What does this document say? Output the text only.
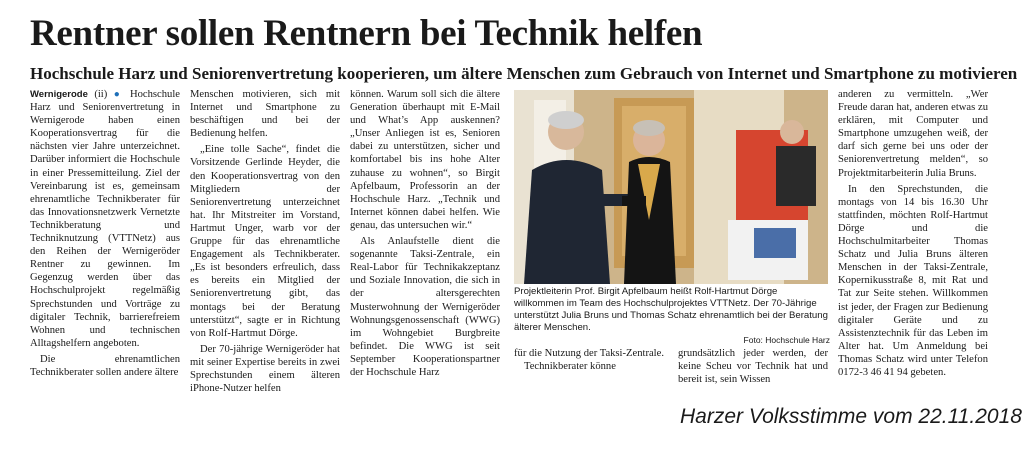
Rentner sollen Rentnern bei Technik helfen
Hochschule Harz und Seniorenvertretung kooperieren, um ältere Menschen zum Gebrauch von Internet und Smartphone zu motivieren

Wernigerode (ii) ● Hochschule Harz und Seniorenvertretung in Wernigerode haben einen Kooperationsvertrag für die nächsten vier Jahre unterzeichnet. Darüber informiert die Hochschule in einer Pressemitteilung. Ziel der Vereinbarung ist es, gemeinsam ehrenamtliche Technikberater für das Innovationsnetzwerk Vernetzte Technikberatung und Techniknutzung (VTTNetz) aus den Reihen der Wernigeröder Rentner zu gewinnen. Im Gegenzug werden über das Hochschulprojekt regelmäßig Sprechstunden und Vorträge zu digitaler Technik, barrierefreiem Wohnen und technischen Alltagshelfern angeboten.

Die ehrenamtlichen Technikberater sollen andere ältere

Menschen motivieren, sich mit Internet und Smartphone zu beschäftigen und bei der Bedienung helfen.

„Eine tolle Sache“, findet die Vorsitzende Gerlinde Heyder, die den Kooperationsvertrag von den Mitgliedern der Seniorenvertretung unterzeichnet hat. Ihr Mitstreiter im Vorstand, Hartmut Unger, warb vor der Gruppe für das ehrenamtliche Engagement als Technikberater. „Es ist besonders erfreulich, dass es bereits ein Mitglied der Seniorenvertretung gibt, das montags bei der Beratung unterstützt“, sagte er in Richtung von Rolf-Hartmut Dörge.

Der 70-jährige Wernigeröder hat mit seiner Expertise bereits in zwei Sprechstunden einem älteren iPhone-Nutzer helfen

können. Warum soll sich die ältere Generation überhaupt mit E-Mail und What’s App auskennen? „Unser Anliegen ist es, Senioren dabei zu unterstützen, sicher und komfortabel bis ins hohe Alter zuhause zu wohnen“, so Birgit Apfelbaum, Professorin an der Hochschule Harz. „Technik und Internet können dabei helfen. Wie genau, das untersuchen wir.“

Als Anlaufstelle dient die sogenannte Taksi-Zentrale, ein Real-Labor für Technikakzeptanz und Soziale Innovation, die sich in der altersgerechten Musterwohnung der Wernigeröder Wohnungsgenossenschaft (WWG) im Wohngebiet Burgbreite befindet. Die WWG ist seit September Kooperationspartner der Hochschule Harz

Projektleiterin Prof. Birgit Apfelbaum heißt Rolf-Hartmut Dörge willkommen im Team des Hochschulprojektes VTTNetz. Der 70-Jährige unterstützt Julia Bruns und Thomas Schatz ehrenamtlich bei der Beratung älterer Menschen.

Foto: Hochschule Harz

für die Nutzung der Taksi-Zentrale.

Technikberater könne

grundsätzlich jeder werden, der keine Scheu vor Technik hat und bereit ist, sein Wissen

anderen zu vermitteln. „Wer Freude daran hat, anderen etwas zu erklären, mit Computer und Smartphone umzugehen weiß, der darf sich gerne bei uns oder der Seniorenvertretung melden“, so Projektmitarbeiterin Julia Bruns.

In den Sprechstunden, die montags von 14 bis 16.30 Uhr stattfinden, möchten Rolf-Hartmut Dörge und die Hochschulmitarbeiter Thomas Schatz und Julia Bruns älteren Menschen in der Taksi-Zentrale, Kopernikusstraße 8, mit Rat und Tat zur Seite stehen. Willkommen ist jeder, der Fragen zur Bedienung digitaler Geräte und zu Assistenztechnik für das Leben im Alter hat. Um Anmeldung bei Thomas Schatz wird unter Telefon 0172-3 46 41 94 gebeten.

Harzer Volksstimme vom 22.11.2018
